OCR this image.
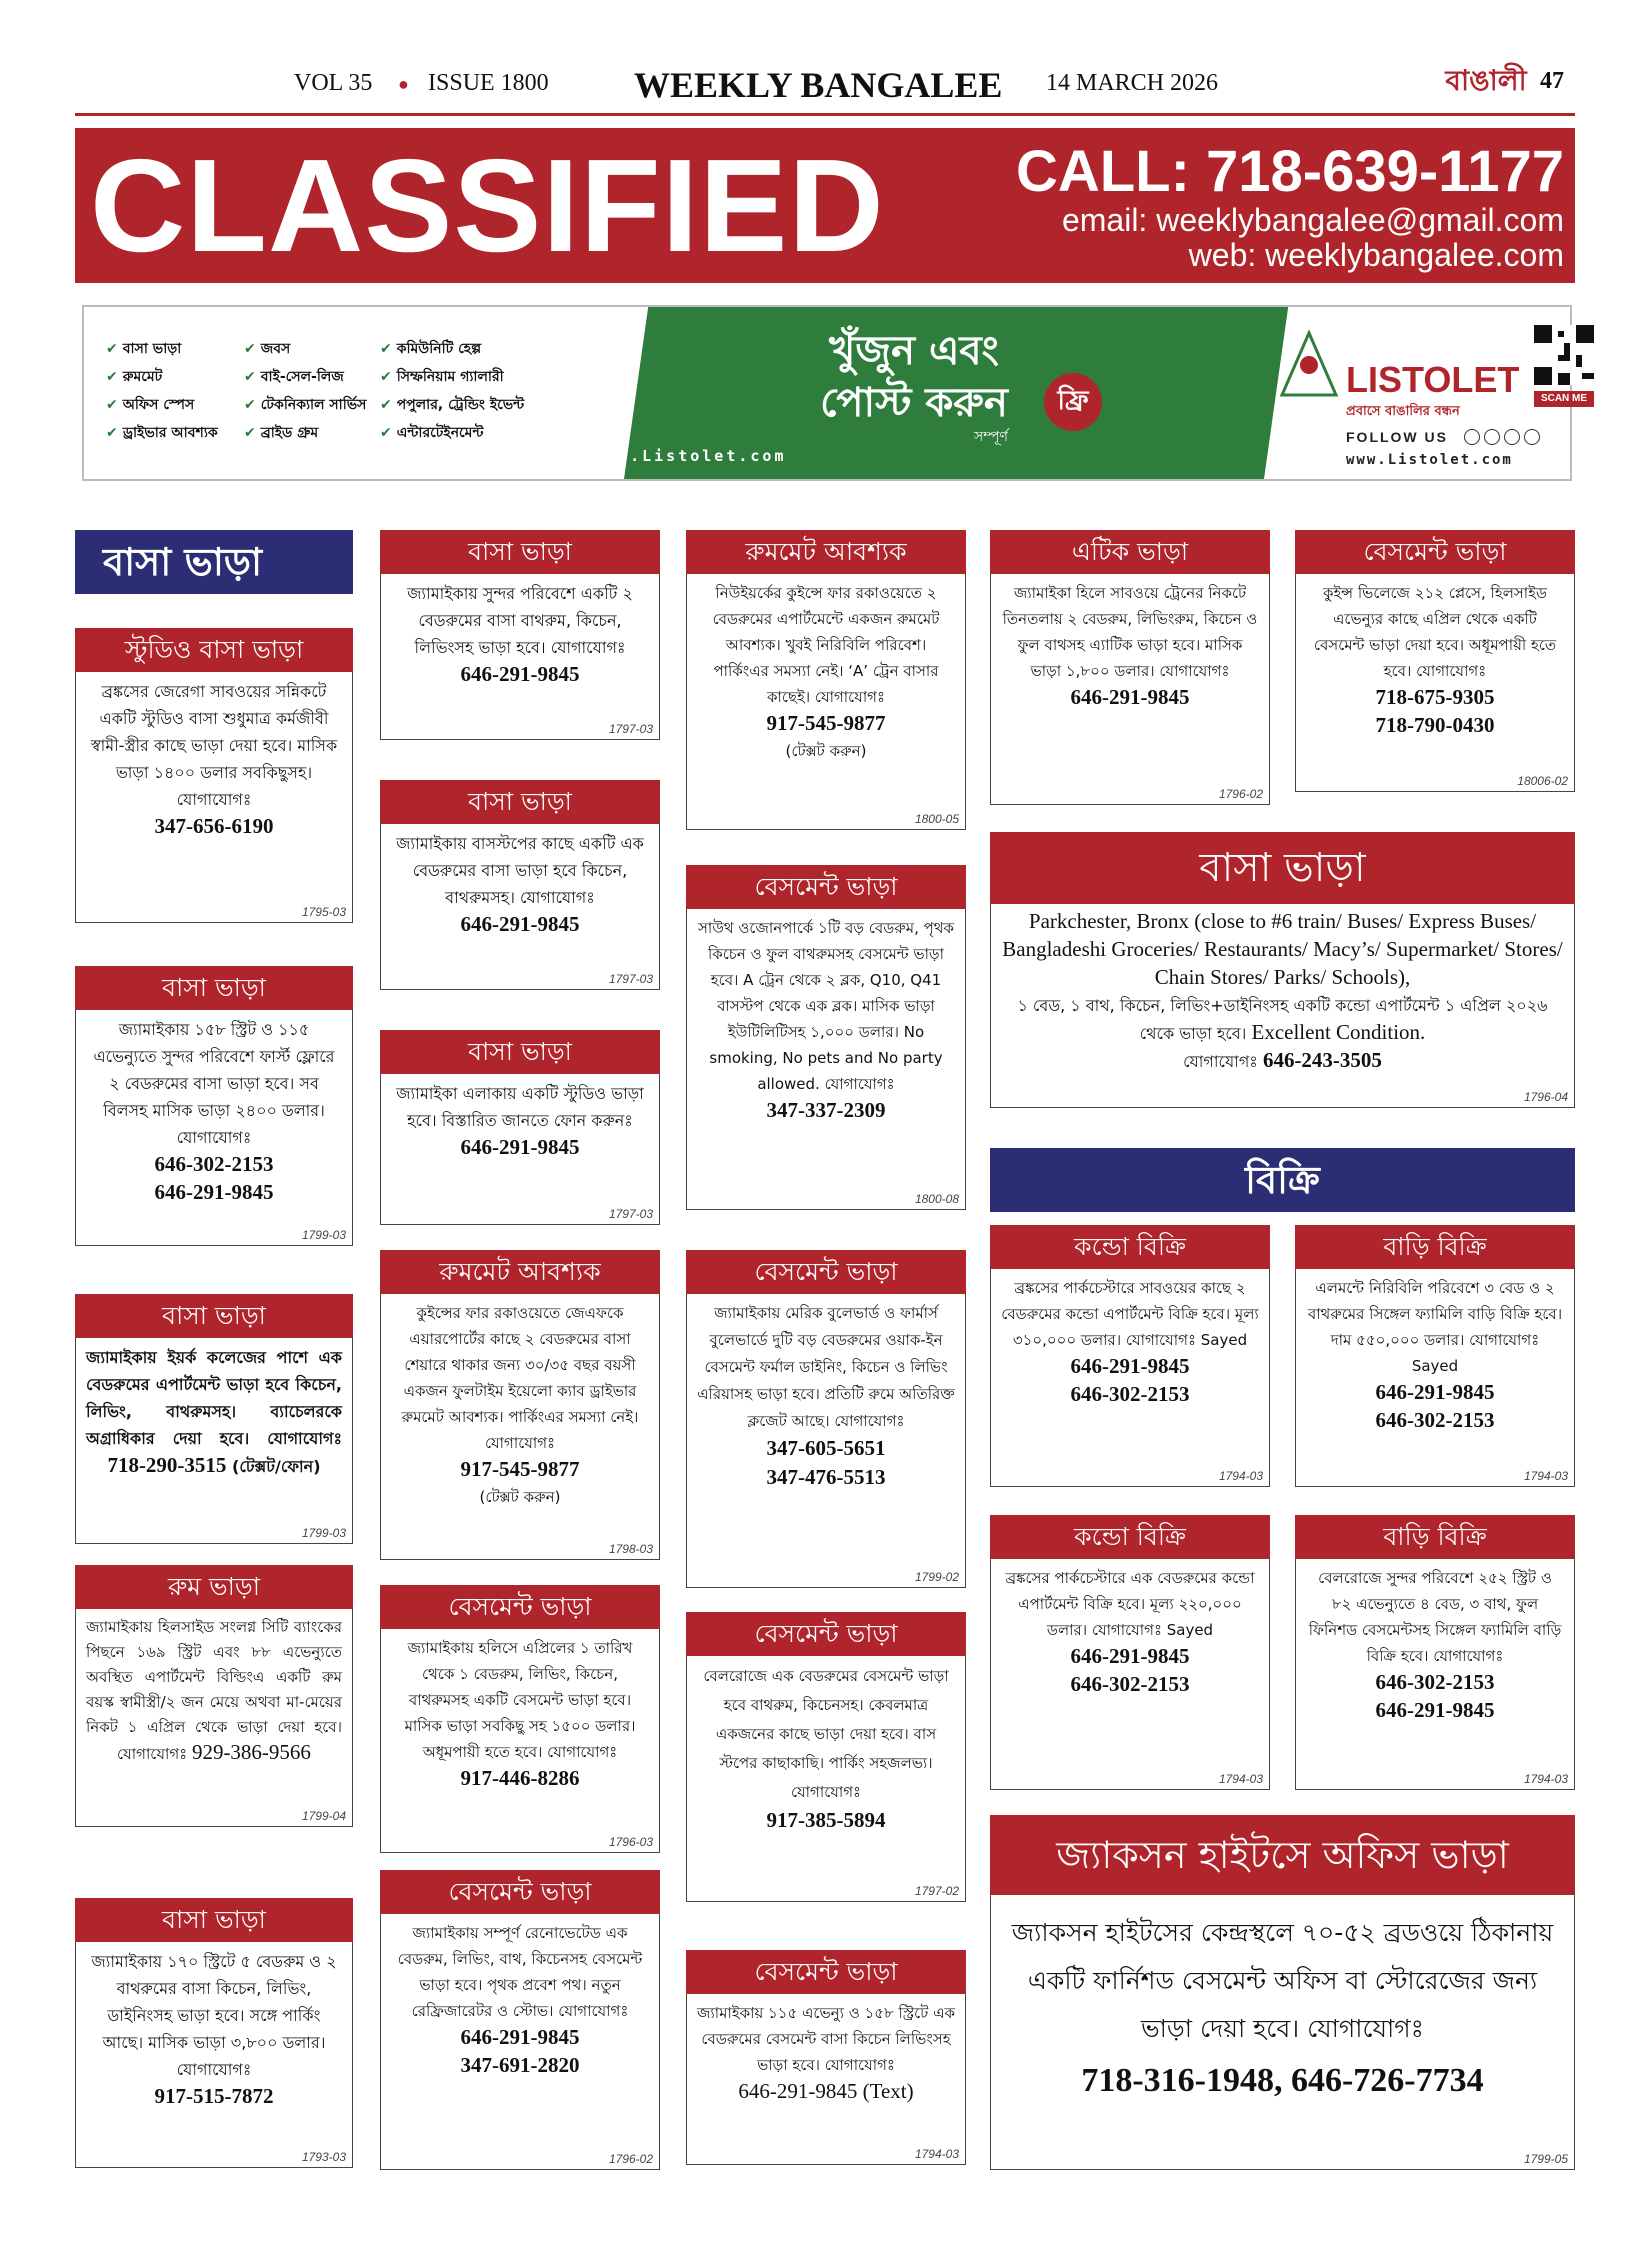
VOL 35 ● ISSUE 1800 WEEKLY BANGALEE 14 MARCH 2026	বাঙালী 47
CLASSIFIED CALL: 718-639-1177
email: weeklybangalee@gmail.com
web: weeklybangalee.com
✔ বাসা ভাড়া
✔ রুমমেট
✔ অফিস স্পেস
✔ ড্রাইভার আবশ্যক
✔ জবস
✔ বাই-সেল-লিজ
✔ টেকনিক্যাল সার্ভিস
✔ ব্রাইড গ্রুম
✔ কমিউনিটি হেল্প
✔ সিম্ফনিয়াম গ্যালারী
✔ পপুলার, ট্রেন্ডিং ইভেন্ট
✔ এন্টারটেইনমেন্ট
খুঁজুন এবং
পোস্ট করুন
সম্পূর্ণ
ফ্রি
www.Listolet.com
LISTOLET
প্রবাসে বাঙালির বন্ধন
FOLLOW US
SCAN ME
www.Listolet.com
বাসা ভাড়া
বিক্রি
স্টুডিও বাসা ভাড়া
ব্রঙ্কসের জেরেগা সাবওয়ের সন্নিকটে একটি স্টুডিও বাসা শুধুমাত্র কর্মজীবী স্বামী-স্ত্রীর কাছে ভাড়া দেয়া হবে। মাসিক ভাড়া ১৪০০ ডলার সবকিছুসহ। যোগাযোগঃ
347-656-6190
1795-03
বাসা ভাড়া
জ্যামাইকায় ১৫৮ স্ট্রিট ও ১১৫ এভেন্যুতে সুন্দর পরিবেশে ফার্স্ট ফ্লোরে ২ বেডরুমের বাসা ভাড়া হবে। সব বিলসহ মাসিক ভাড়া ২৪০০ ডলার। যোগাযোগঃ
646-302-2153
646-291-9845
1799-03
বাসা ভাড়া
জ্যামাইকায় ইয়র্ক কলেজের পাশে এক বেডরুমের এপার্টমেন্ট ভাড়া হবে কিচেন, লিভিং, বাথরুমসহ। ব্যাচেলরকে অগ্রাধিকার দেয়া হবে। যোগাযোগঃ 718-290-3515 (টেক্সট/ফোন)
1799-03
রুম ভাড়া
জ্যামাইকায় হিলসাইড সংলগ্ন সিটি ব্যাংকের পিছনে ১৬৯ স্ট্রিট এবং ৮৮ এভেন্যুতে অবস্থিত এপার্টমেন্ট বিল্ডিংএ একটি রুম বয়স্ক স্বামীস্ত্রী/২ জন মেয়ে অথবা মা-মেয়ের নিকট ১ এপ্রিল থেকে ভাড়া দেয়া হবে। যোগাযোগঃ 929-386-9566
1799-04
বাসা ভাড়া
জ্যামাইকায় ১৭০ স্ট্রিটে ৫ বেডরুম ও ২ বাথরুমের বাসা কিচেন, লিভিং, ডাইনিংসহ ভাড়া হবে। সঙ্গে পার্কিং আছে। মাসিক ভাড়া ৩,৮০০ ডলার। যোগাযোগঃ
917-515-7872
1793-03
বাসা ভাড়া
জ্যামাইকায় সুন্দর পরিবেশে একটি ২ বেডরুমের বাসা বাথরুম, কিচেন, লিভিংসহ ভাড়া হবে। যোগাযোগঃ
646-291-9845
1797-03
বাসা ভাড়া
জ্যামাইকায় বাসস্টপের কাছে একটি এক বেডরুমের বাসা ভাড়া হবে কিচেন, বাথরুমসহ। যোগাযোগঃ
646-291-9845
1797-03
বাসা ভাড়া
জ্যামাইকা এলাকায় একটি স্টুডিও ভাড়া হবে। বিস্তারিত জানতে ফোন করুনঃ
646-291-9845
1797-03
রুমমেট আবশ্যক
কুইন্সের ফার রকাওয়েতে জেএফকে এয়ারপোর্টের কাছে ২ বেডরুমের বাসা শেয়ারে থাকার জন্য ৩০/৩৫ বছর বয়সী একজন ফুলটাইম ইয়েলো ক্যাব ড্রাইভার রুমমেট আবশ্যক। পার্কিংএর সমস্যা নেই। যোগাযোগঃ
917-545-9877
(টেক্সট করুন)
1798-03
বেসমেন্ট ভাড়া
জ্যামাইকায় হলিসে এপ্রিলের ১ তারিখ থেকে ১ বেডরুম, লিভিং, কিচেন, বাথরুমসহ একটি বেসমেন্ট ভাড়া হবে। মাসিক ভাড়া সবকিছু সহ ১৫০০ ডলার। অধূমপায়ী হতে হবে। যোগাযোগঃ
917-446-8286
1796-03
বেসমেন্ট ভাড়া
জ্যামাইকায় সম্পূর্ণ রেনোভেটেড এক বেডরুম, লিভিং, বাথ, কিচেনসহ বেসমেন্ট ভাড়া হবে। পৃথক প্রবেশ পথ। নতুন রেফ্রিজারেটর ও স্টোভ। যোগাযোগঃ
646-291-9845
347-691-2820
1796-02
রুমমেট আবশ্যক
নিউইয়র্কের কুইন্সে ফার রকাওয়েতে ২ বেডরুমের এপার্টমেন্টে একজন রুমমেট আবশ্যক। খুবই নিরিবিলি পরিবেশ। পার্কিংএর সমস্যা নেই। ‘A’ ট্রেন বাসার কাছেই। যোগাযোগঃ
917-545-9877
(টেক্সট করুন)
1800-05
বেসমেন্ট ভাড়া
সাউথ ওজোনপার্কে ১টি বড় বেডরুম, পৃথক কিচেন ও ফুল বাথরুমসহ বেসমেন্ট ভাড়া হবে। A ট্রেন থেকে ২ ব্লক, Q10, Q41 বাসস্টপ থেকে এক ব্লক। মাসিক ভাড়া ইউটিলিটিসহ ১,০০০ ডলার। No smoking, No pets and No party allowed. যোগাযোগঃ
347-337-2309
1800-08
বেসমেন্ট ভাড়া
জ্যামাইকায় মেরিক বুলেভার্ড ও ফার্মার্স বুলেভার্ডে দুটি বড় বেডরুমের ওয়াক-ইন বেসমেন্ট ফর্মাল ডাইনিং, কিচেন ও লিভিং এরিয়াসহ ভাড়া হবে। প্রতিটি রুমে অতিরিক্ত ক্লজেট আছে। যোগাযোগঃ
347-605-5651
347-476-5513
1799-02
বেসমেন্ট ভাড়া
বেলরোজে এক বেডরুমের বেসমেন্ট ভাড়া হবে বাথরুম, কিচেনসহ। কেবলমাত্র একজনের কাছে ভাড়া দেয়া হবে। বাস স্টপের কাছাকাছি। পার্কিং সহজলভ্য। যোগাযোগঃ
917-385-5894
1797-02
বেসমেন্ট ভাড়া
জ্যামাইকায় ১১৫ এভেন্যু ও ১৫৮ স্ট্রিটে এক বেডরুমের বেসমেন্ট বাসা কিচেন লিভিংসহ ভাড়া হবে। যোগাযোগঃ
646-291-9845 (Text)
1794-03
এটিক ভাড়া
জ্যামাইকা হিলে সাবওয়ে ট্রেনের নিকটে তিনতলায় ২ বেডরুম, লিভিংরুম, কিচেন ও ফুল বাথসহ এ্যাটিক ভাড়া হবে। মাসিক ভাড়া ১,৮০০ ডলার। যোগাযোগঃ
646-291-9845
1796-02
বেসমেন্ট ভাড়া
কুইন্স ভিলেজে ২১২ প্লেসে, হিলসাইড এভেন্যুর কাছে এপ্রিল থেকে একটি বেসমেন্ট ভাড়া দেয়া হবে। অধূমপায়ী হতে হবে। যোগাযোগঃ
718-675-9305
718-790-0430
18006-02
বাসা ভাড়া
Parkchester, Bronx (close to #6 train/ Buses/ Express Buses/ Bangladeshi Groceries/ Restaurants/ Macy’s/ Supermarket/ Stores/ Chain Stores/ Parks/ Schools),
১ বেড, ১ বাথ, কিচেন, লিভিং+ডাইনিংসহ একটি কন্ডো এপার্টমেন্ট ১ এপ্রিল ২০২৬ থেকে ভাড়া হবে। Excellent Condition.
যোগাযোগঃ 646-243-3505
1796-04
কন্ডো বিক্রি
ব্রঙ্কসের পার্কচেস্টারে সাবওয়ের কাছে ২ বেডরুমের কন্ডো এপার্টমেন্ট বিক্রি হবে। মূল্য ৩১০,০০০ ডলার। যোগাযোগঃ Sayed
646-291-9845
646-302-2153
1794-03
বাড়ি বিক্রি
এলমন্টে নিরিবিলি পরিবেশে ৩ বেড ও ২ বাথরুমের সিঙ্গেল ফ্যামিলি বাড়ি বিক্রি হবে। দাম ৫৫০,০০০ ডলার। যোগাযোগঃ Sayed
646-291-9845
646-302-2153
1794-03
কন্ডো বিক্রি
ব্রঙ্কসের পার্কচেস্টারে এক বেডরুমের কন্ডো এপার্টমেন্ট বিক্রি হবে। মূল্য ২২০,০০০ ডলার। যোগাযোগঃ Sayed
646-291-9845
646-302-2153
1794-03
বাড়ি বিক্রি
বেলরোজে সুন্দর পরিবেশে ২৫২ স্ট্রিট ও ৮২ এভেন্যুতে ৪ বেড, ৩ বাথ, ফুল ফিনিশড বেসমেন্টসহ সিঙ্গেল ফ্যামিলি বাড়ি বিক্রি হবে। যোগাযোগঃ
646-302-2153
646-291-9845
1794-03
জ্যাকসন হাইটসে অফিস ভাড়া
জ্যাকসন হাইটসের কেন্দ্রস্থলে ৭০-৫২ ব্রডওয়ে ঠিকানায় একটি ফার্নিশড বেসমেন্ট অফিস বা স্টোরেজের জন্য ভাড়া দেয়া হবে। যোগাযোগঃ
718-316-1948, 646-726-7734
1799-05
